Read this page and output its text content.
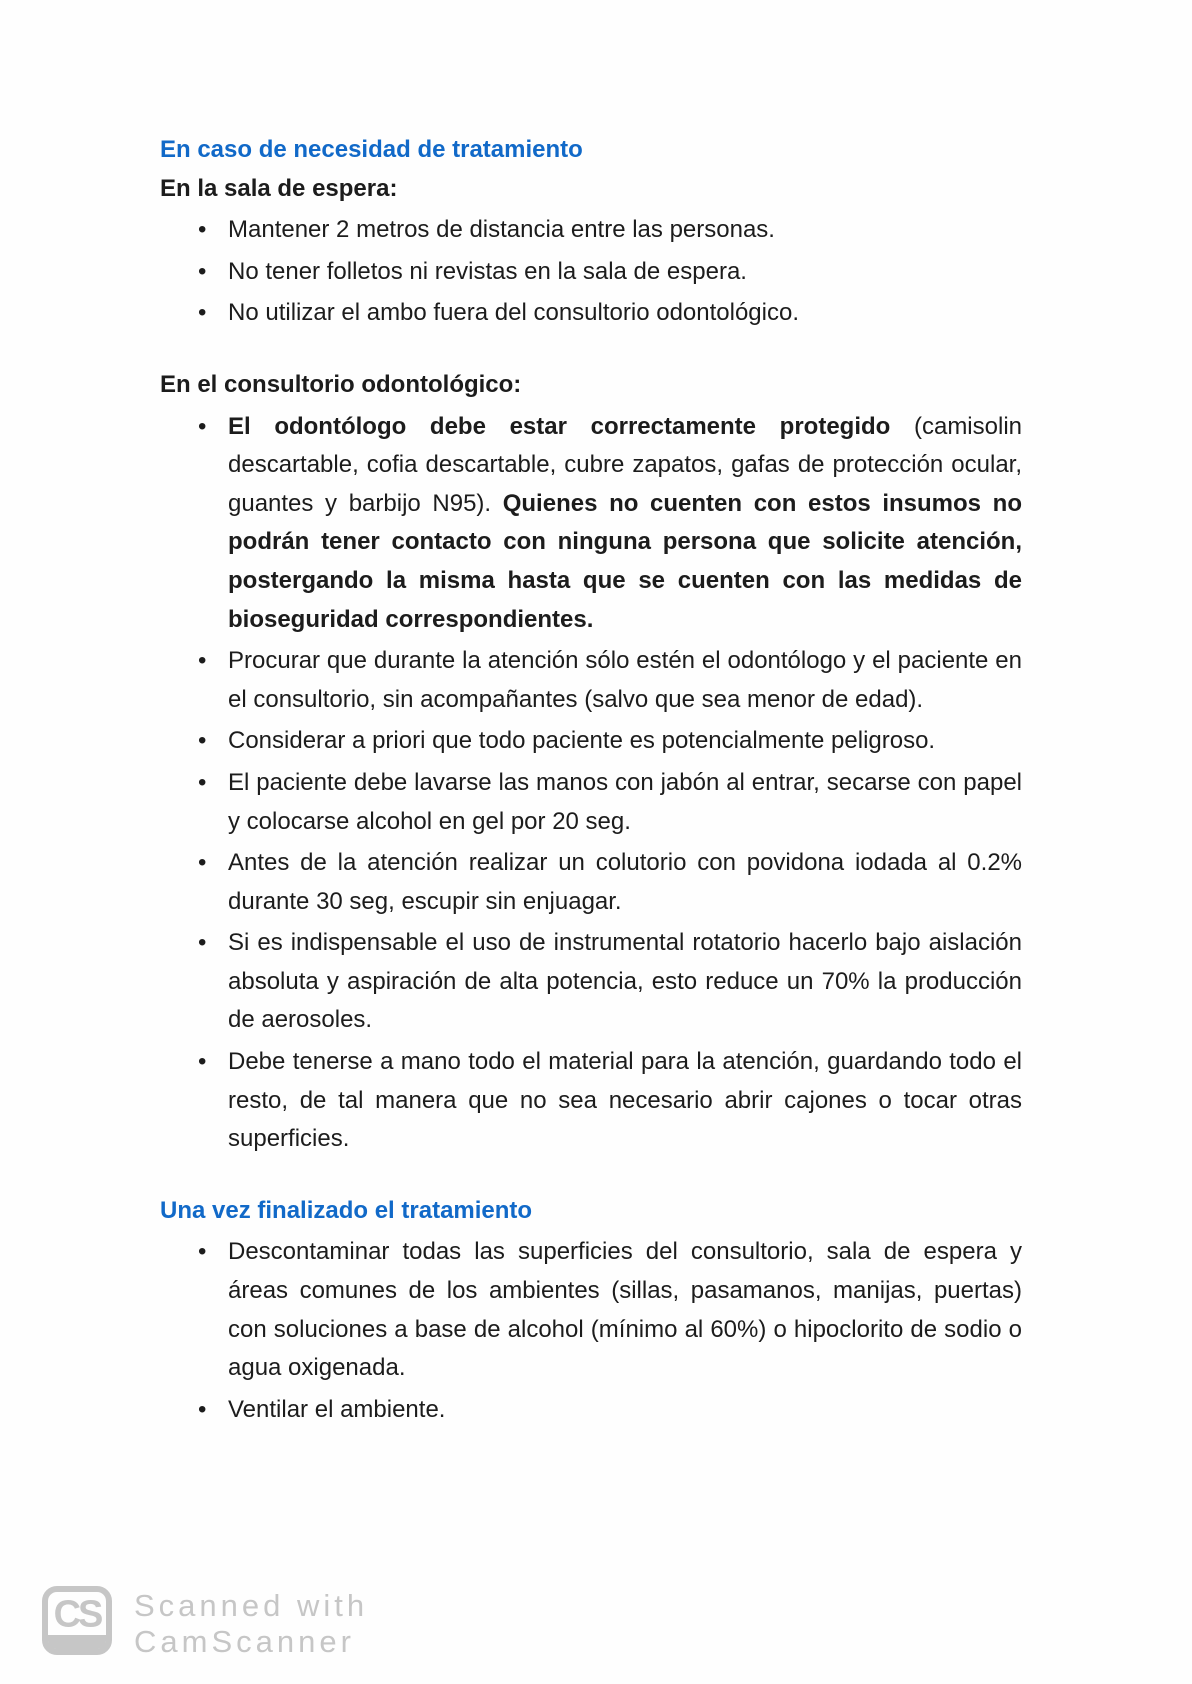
En caso de necesidad de tratamiento
En la sala de espera:
• Mantener 2 metros de distancia entre las personas.
• No tener folletos ni revistas en la sala de espera.
• No utilizar el ambo fuera del consultorio odontológico.
En el consultorio odontológico:
• El odontólogo debe estar correctamente protegido (camisolin descartable, cofia descartable, cubre zapatos, gafas de protección ocular, guantes y barbijo N95). Quienes no cuenten con estos insumos no podrán tener contacto con ninguna persona que solicite atención, postergando la misma hasta que se cuenten con las medidas de bioseguridad correspondientes.
• Procurar que durante la atención sólo estén el odontólogo y el paciente en el consultorio, sin acompañantes (salvo que sea menor de edad).
• Considerar a priori que todo paciente es potencialmente peligroso.
• El paciente debe lavarse las manos con jabón al entrar, secarse con papel y colocarse alcohol en gel por 20 seg.
• Antes de la atención realizar un colutorio con povidona iodada al 0.2% durante 30 seg, escupir sin enjuagar.
• Si es indispensable el uso de instrumental rotatorio hacerlo bajo aislación absoluta y aspiración de alta potencia, esto reduce un 70% la producción de aerosoles.
• Debe tenerse a mano todo el material para la atención, guardando todo el resto, de tal manera que no sea necesario abrir cajones o tocar otras superficies.
Una vez finalizado el tratamiento
• Descontaminar todas las superficies del consultorio, sala de espera y áreas comunes de los ambientes (sillas, pasamanos, manijas, puertas) con soluciones a base de alcohol (mínimo al 60%) o hipoclorito de sodio o agua oxigenada.
• Ventilar el ambiente.
CS Scanned with
CamScanner
